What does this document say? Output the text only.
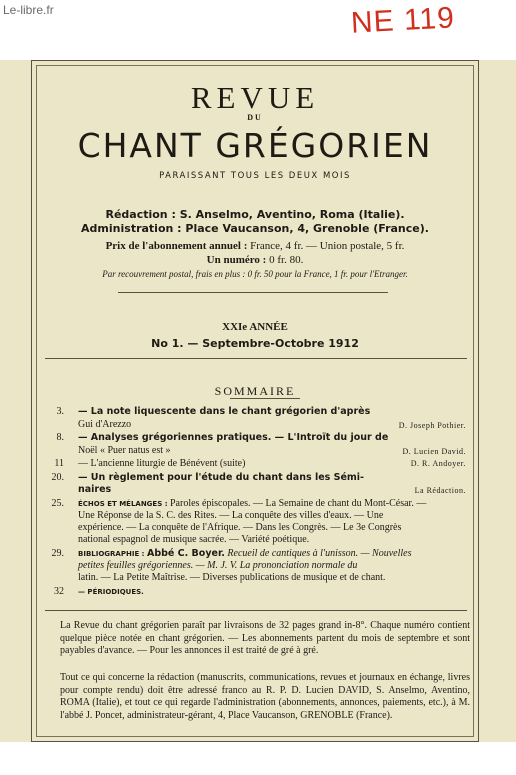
Le-libre.fr	NE 119
REVUE
DU
CHANT GRÉGORIEN
PARAISSANT TOUS LES DEUX MOIS
Rédaction : S. Anselmo, Aventino, Roma (Italie).
Administration : Place Vaucanson, 4, Grenoble (France).
Prix de l'abonnement annuel : France, 4 fr. — Union postale, 5 fr.
Un numéro : 0 fr. 80.
Par recouvrement postal, frais en plus : 0 fr. 50 pour la France, 1 fr. pour l'Etranger.
XXIe ANNÉE
No 1. — Septembre-Octobre 1912
SOMMAIRE
3. — La note liquescente dans le chant grégorien d'après
Gui d'Arezzo	D. Joseph Pothier.
8. — Analyses grégoriennes pratiques. — L'Introït du jour de
Noël « Puer natus est »	D. Lucien David.
11 — L'ancienne liturgie de Bénévent (suite)	D. R. Andoyer.
20. — Un règlement pour l'étude du chant dans les Sémi-
naires	La Rédaction.
25. ÉCHOS ET MÉLANGES : Paroles épiscopales. — La Semaine de chant du Mont-César. —
Une Réponse de la S. C. des Rites. — La conquête des villes d'eaux. — Une
expérience. — La conquête de l'Afrique. — Dans les Congrès. — Le 3e Congrès
national espagnol de musique sacrée. — Variété poétique.
29. BIBLIOGRAPHIE : Abbé C. Boyer. Recueil de cantiques à l'unisson. — Nouvelles
petites feuilles grégoriennes. — M. J. V. La prononciation normale du
latin. — La Petite Maîtrise. — Diverses publications de musique et de chant.
32 — PÉRIODIQUES.
La Revue du chant grégorien paraît par livraisons de 32 pages grand in-8°. Chaque numéro contient quelque pièce notée en chant grégorien. — Les abonnements partent du mois de septembre et sont payables d'avance. — Pour les annonces il est traité de gré à gré.
Tout ce qui concerne la rédaction (manuscrits, communications, revues et journaux en échange, livres pour compte rendu) doit être adressé franco au R. P. D. Lucien DAVID, S. Anselmo, Aventino, ROMA (Italie), et tout ce qui regarde l'administration (abonnements, annonces, paiements, etc.), à M. l'abbé J. Poncet, administrateur-gérant, 4, Place Vaucanson, GRENOBLE (France).
